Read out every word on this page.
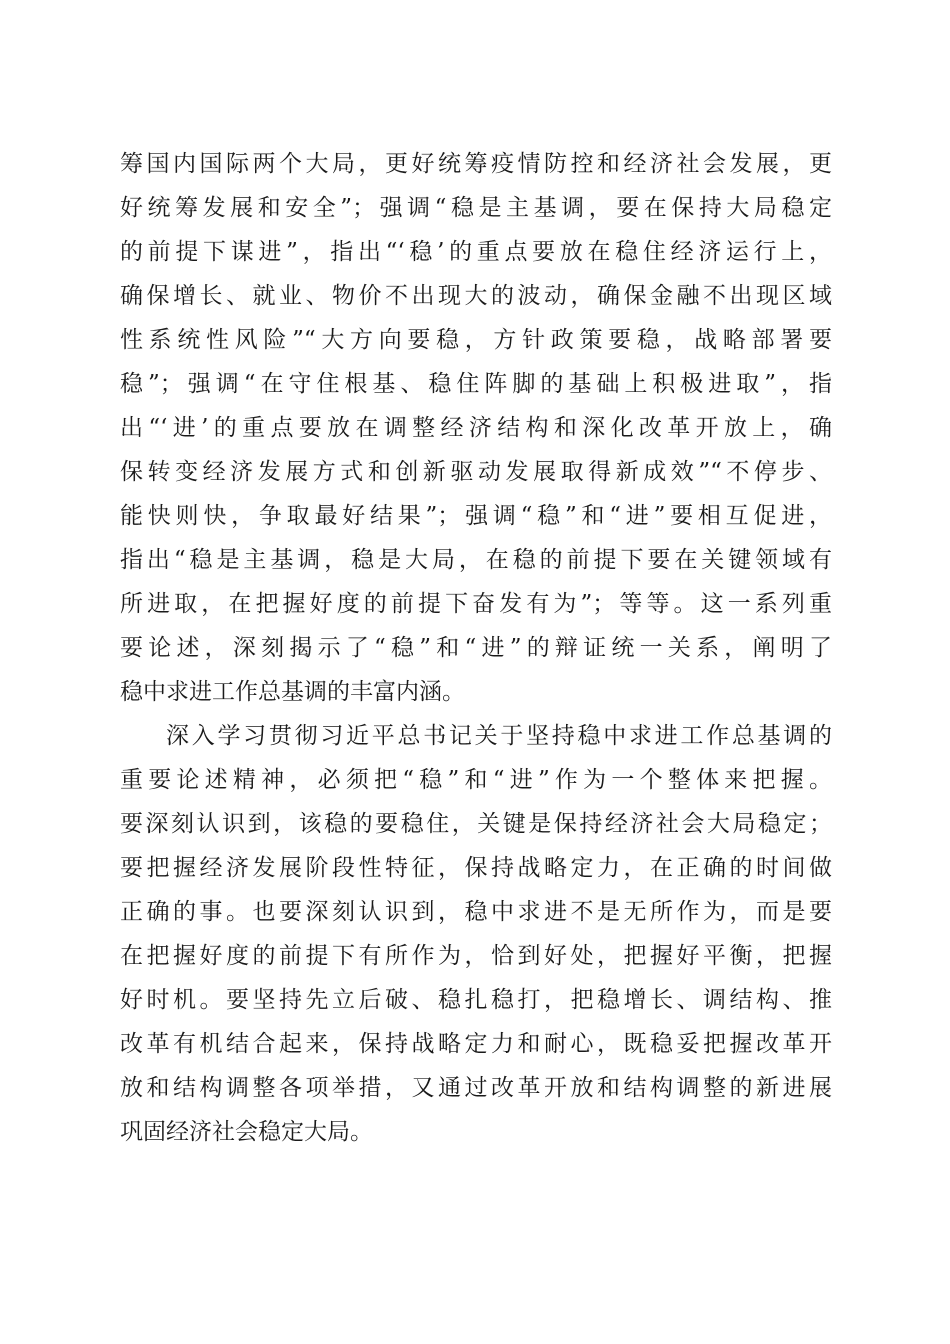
筹国内国际两个大局，更好统筹疫情防控和经济社会发展，更
好统筹发展和安全”；强调“稳是主基调，要在保持大局稳定
的前提下谋进”，指出“‘稳’的重点要放在稳住经济运行上，
确保增长、就业、物价不出现大的波动，确保金融不出现区域
性系统性风险”“大方向要稳，方针政策要稳，战略部署要
稳”；强调“在守住根基、稳住阵脚的基础上积极进取”，指
出“‘进’的重点要放在调整经济结构和深化改革开放上，确
保转变经济发展方式和创新驱动发展取得新成效”“不停步、
能快则快，争取最好结果”；强调“稳”和“进”要相互促进，
指出“稳是主基调，稳是大局，在稳的前提下要在关键领域有
所进取，在把握好度的前提下奋发有为”；等等。这一系列重
要论述，深刻揭示了“稳”和“进”的辩证统一关系，阐明了
稳中求进工作总基调的丰富内涵。
深入学习贯彻习近平总书记关于坚持稳中求进工作总基调的
重要论述精神，必须把“稳”和“进”作为一个整体来把握。
要深刻认识到，该稳的要稳住，关键是保持经济社会大局稳定；
要把握经济发展阶段性特征，保持战略定力，在正确的时间做
正确的事。也要深刻认识到，稳中求进不是无所作为，而是要
在把握好度的前提下有所作为，恰到好处，把握好平衡，把握
好时机。要坚持先立后破、稳扎稳打，把稳增长、调结构、推
改革有机结合起来，保持战略定力和耐心，既稳妥把握改革开
放和结构调整各项举措，又通过改革开放和结构调整的新进展
巩固经济社会稳定大局。
